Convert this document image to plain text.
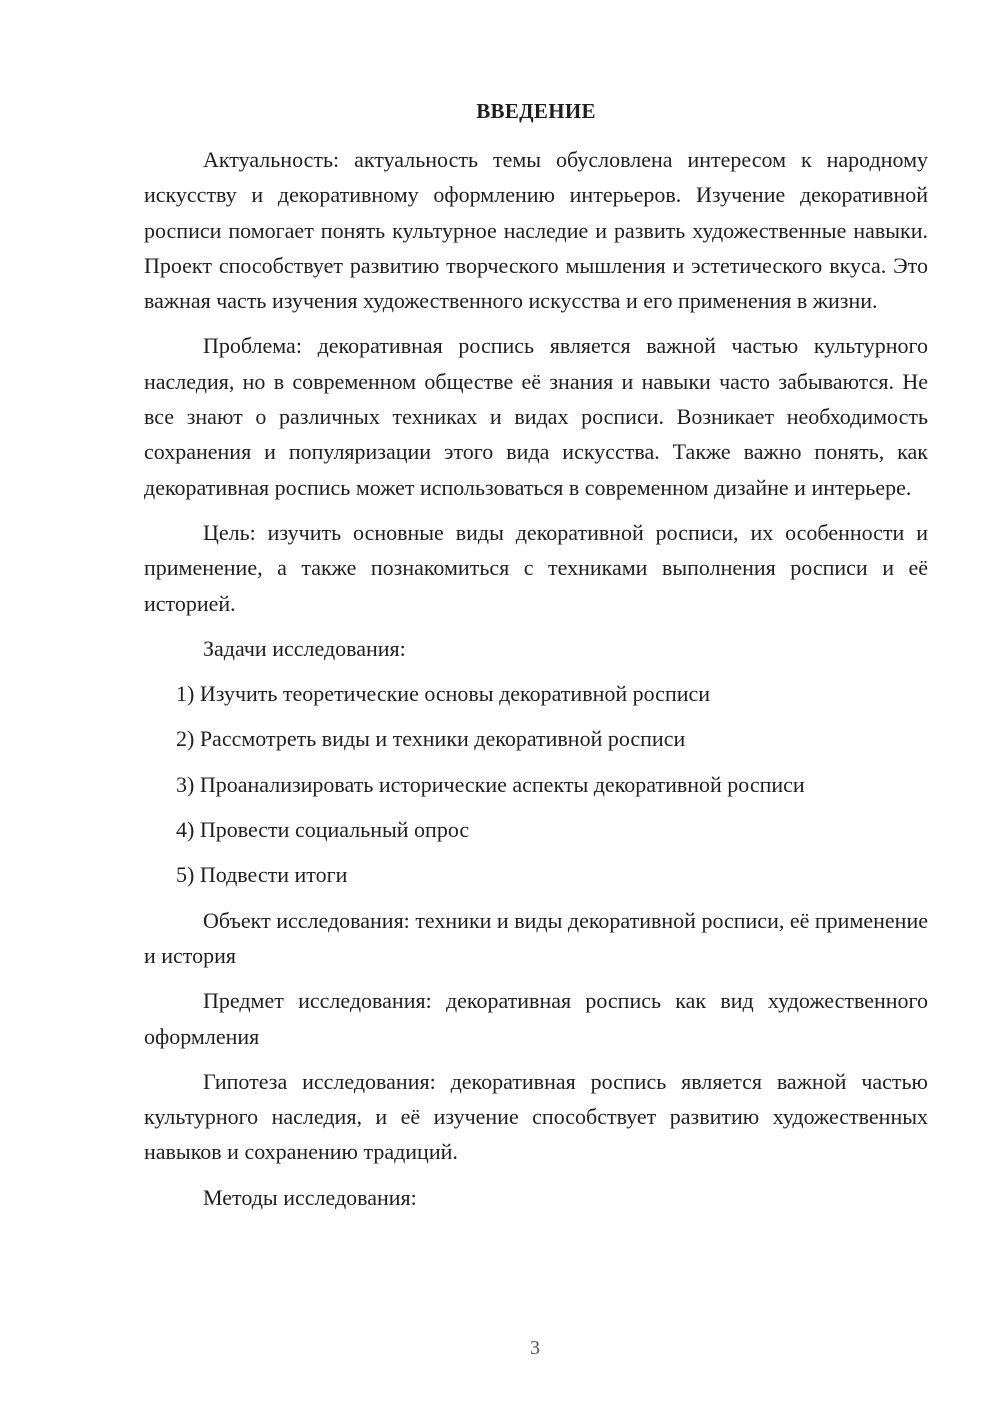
ВВЕДЕНИЕ

Актуальность: актуальность темы обусловлена интересом к народному искусству и декоративному оформлению интерьеров. Изучение декоративной росписи помогает понять культурное наследие и развить художественные навыки. Проект способствует развитию творческого мышления и эстетического вкуса. Это важная часть изучения художественного искусства и его применения в жизни.

Проблема: декоративная роспись является важной частью культурного наследия, но в современном обществе её знания и навыки часто забываются. Не все знают о различных техниках и видах росписи. Возникает необходимость сохранения и популяризации этого вида искусства. Также важно понять, как декоративная роспись может использоваться в современном дизайне и интерьере.

Цель: изучить основные виды декоративной росписи, их особенности и применение, а также познакомиться с техниками выполнения росписи и её историей.

Задачи исследования:

1) Изучить теоретические основы декоративной росписи

2) Рассмотреть виды и техники декоративной росписи

3) Проанализировать исторические аспекты декоративной росписи

4) Провести социальный опрос

5) Подвести итоги

Объект исследования: техники и виды декоративной росписи, её применение и история

Предмет исследования: декоративная роспись как вид художественного оформления

Гипотеза исследования: декоративная роспись является важной частью культурного наследия, и её изучение способствует развитию художественных навыков и сохранению традиций.

Методы исследования:

3
